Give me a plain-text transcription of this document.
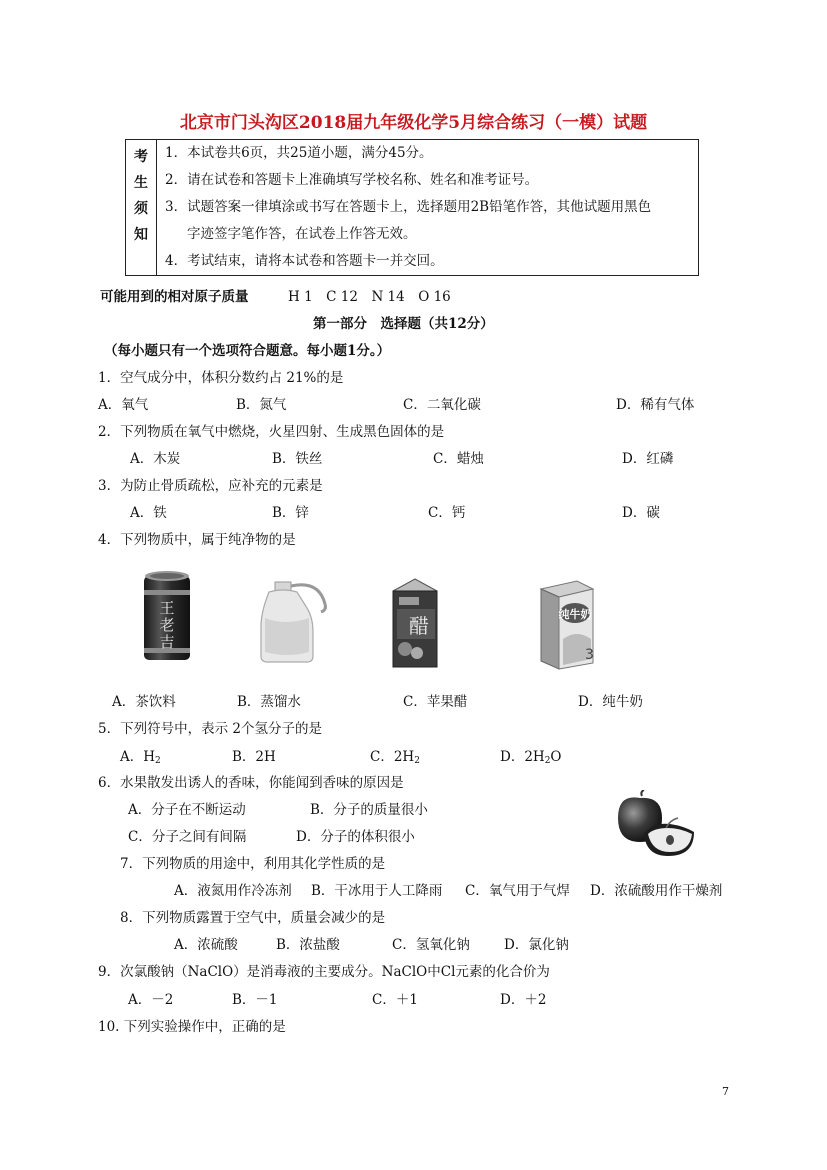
北京市门头沟区2018届九年级化学5月综合练习（一模）试题
考
生
须
知

1．本试卷共6页，共25道小题，满分45分。
2．请在试卷和答题卡上准确填写学校名称、姓名和准考证号。
3．试题答案一律填涂或书写在答题卡上，选择题用2B铅笔作答，其他试题用黑色
字迹签字笔作答，在试卷上作答无效。
4．考试结束，请将本试卷和答题卡一并交回。
可能用到的相对原子质量	H 1　C 12　N 14　O 16
第一部分　选择题（共12分）
（每小题只有一个选项符合题意。每小题1分。）
1．空气成分中，体积分数约占 21%的是
A．氧气	B．氮气	C．二氧化碳	D．稀有气体
2．下列物质在氧气中燃烧，火星四射、生成黑色固体的是
A．木炭	B．铁丝	C．蜡烛	D．红磷
3．为防止骨质疏松，应补充的元素是
A．铁	B．锌	C．钙	D．碳
4．下列物质中，属于纯净物的是
王
老
吉
醋	纯牛奶
3
A．茶饮料	B．蒸馏水	C．苹果醋	D．纯牛奶
5．下列符号中，表示 2个氢分子的是
A．$H_2$	B．2H	C．$2H_2$	D．$2H_2O$
6．水果散发出诱人的香味，你能闻到香味的原因是
A．分子在不断运动	B．分子的质量很小
C．分子之间有间隔	D．分子的体积很小
7．下列物质的用途中，利用其化学性质的是
A．液氮用作冷冻剂 B．干冰用于人工降雨 C．氧气用于气焊 D．浓硫酸用作干燥剂
8．下列物质露置于空气中，质量会减少的是
A．浓硫酸	B．浓盐酸	C．氢氧化钠	D．氯化钠
9．次氯酸钠（NaClO）是消毒液的主要成分。NaClO中Cl元素的化合价为
A．－2	B．－1	C．＋1	D．＋2
10. 下列实验操作中，正确的是
7
